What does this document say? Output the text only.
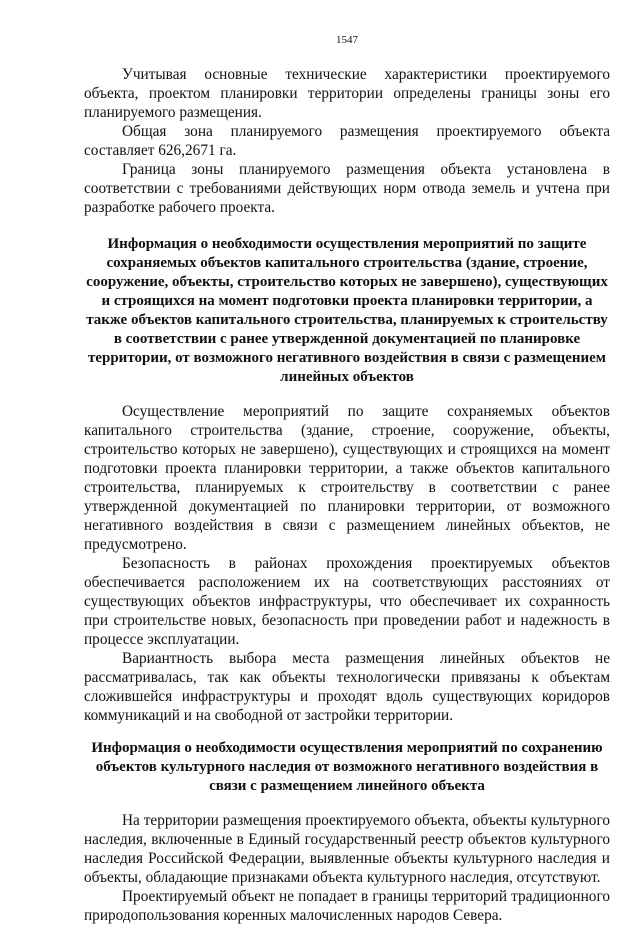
1547

Учитывая основные технические характеристики проектируемого объекта, проектом планировки территории определены границы зоны его планируемого размещения.

Общая зона планируемого размещения проектируемого объекта составляет 626,2671 га.

Граница зоны планируемого размещения объекта установлена в соответствии с требованиями действующих норм отвода земель и учтена при разработке рабочего проекта.

Информация о необходимости осуществления мероприятий по защите сохраняемых объектов капитального строительства (здание, строение, сооружение, объекты, строительство которых не завершено), существующих и строящихся на момент подготовки проекта планировки территории, а также объектов капитального строительства, планируемых к строительству в соответствии с ранее утвержденной документацией по планировке территории, от возможного негативного воздействия в связи с размещением линейных объектов

Осуществление мероприятий по защите сохраняемых объектов капитального строительства (здание, строение, сооружение, объекты, строительство которых не завершено), существующих и строящихся на момент подготовки проекта планировки территории, а также объектов капитального строительства, планируемых к строительству в соответствии с ранее утвержденной документацией по планировки территории, от возможного негативного воздействия в связи с размещением линейных объектов, не предусмотрено.

Безопасность в районах прохождения проектируемых объектов обеспечивается расположением их на соответствующих расстояниях от существующих объектов инфраструктуры, что обеспечивает их сохранность при строительстве новых, безопасность при проведении работ и надежность в процессе эксплуатации.

Вариантность выбора места размещения линейных объектов не рассматривалась, так как объекты технологически привязаны к объектам сложившейся инфраструктуры и проходят вдоль существующих коридоров коммуникаций и на свободной от застройки территории.

Информация о необходимости осуществления мероприятий по сохранению объектов культурного наследия от возможного негативного воздействия в связи с размещением линейного объекта

На территории размещения проектируемого объекта, объекты культурного наследия, включенные в Единый государственный реестр объектов культурного наследия Российской Федерации, выявленные объекты культурного наследия и объекты, обладающие признаками объекта культурного наследия, отсутствуют.

Проектируемый объект не попадает в границы территорий традиционного природопользования коренных малочисленных народов Севера.
